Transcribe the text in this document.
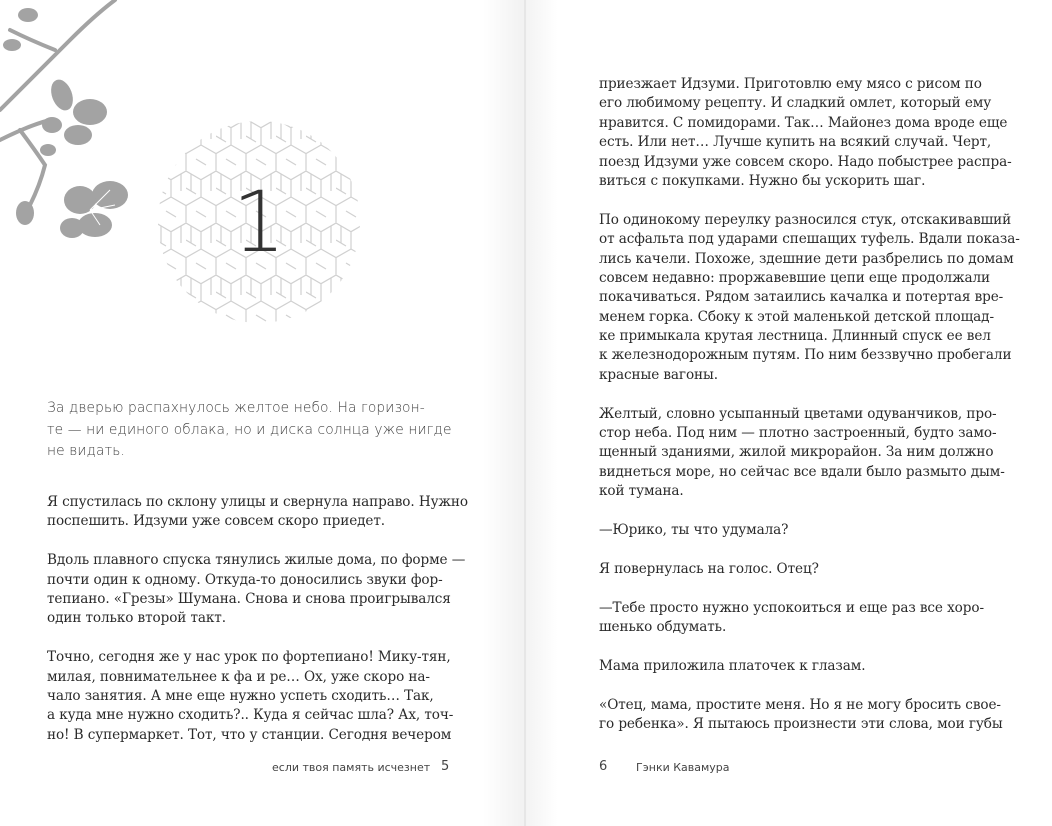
1
За дверью распахнулось желтое небо. На горизон-
те — ни единого облака, но и диска солнца уже нигде
не видать.
Я спустилась по склону улицы и свернула направо. Нужно
поспешить. Идзуми уже совсем скоро приедет.
Вдоль плавного спуска тянулись жилые дома, по форме —
почти один к одному. Откуда-то доносились звуки фор-
тепиано. «Грезы» Шумана. Снова и снова проигрывался
один только второй такт.
Точно, сегодня же у нас урок по фортепиано! Мику-тян,
милая, повнимательнее к фа и ре… Ох, уже скоро на-
чало занятия. А мне еще нужно успеть сходить… Так,
а куда мне нужно сходить?.. Куда я сейчас шла? Ах, точ-
но! В супермаркет. Тот, что у станции. Сегодня вечером
если твоя память исчезнет 5
приезжает Идзуми. Приготовлю ему мясо с рисом по
его любимому рецепту. И сладкий омлет, который ему
нравится. С помидорами. Так… Майонез дома вроде еще
есть. Или нет… Лучше купить на всякий случай. Черт,
поезд Идзуми уже совсем скоро. Надо побыстрее распра-
виться с покупками. Нужно бы ускорить шаг.
По одинокому переулку разносился стук, отскакивавший
от асфальта под ударами спешащих туфель. Вдали показа-
лись качели. Похоже, здешние дети разбрелись по домам
совсем недавно: проржавевшие цепи еще продолжали
покачиваться. Рядом затаились качалка и потертая вре-
менем горка. Сбоку к этой маленькой детской площад-
ке примыкала крутая лестница. Длинный спуск ее вел
к железнодорожным путям. По ним беззвучно пробегали
красные вагоны.
Желтый, словно усыпанный цветами одуванчиков, про-
стор неба. Под ним — плотно застроенный, будто замо-
щенный зданиями, жилой микрорайон. За ним должно
виднеться море, но сейчас все вдали было размыто дым-
кой тумана.
—Юрико, ты что удумала?
Я повернулась на голос. Отец?
—Тебе просто нужно успокоиться и еще раз все хоро-
шенько обдумать.
Мама приложила платочек к глазам.
«Отец, мама, простите меня. Но я не могу бросить свое-
го ребенка». Я пытаюсь произнести эти слова, мои губы
6	Гэнки Кавамура
